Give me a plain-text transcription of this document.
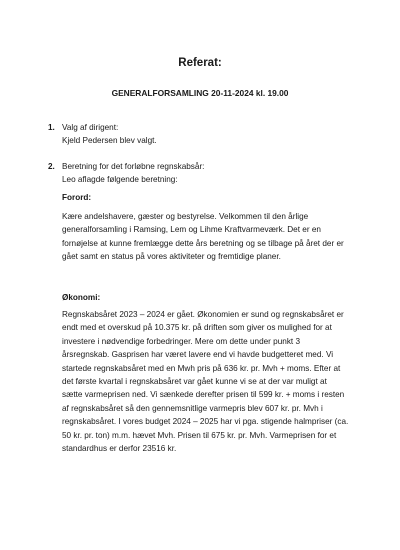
Referat:
GENERALFORSAMLING 20-11-2024 kl. 19.00
1. Valg af dirigent:
Kjeld Pedersen blev valgt.
2. Beretning for det forløbne regnskabsår:
Leo aflagde følgende beretning:
Forord:
Kære andelshavere, gæster og bestyrelse. Velkommen til den årlige
generalforsamling i Ramsing, Lem og Lihme Kraftvarmeværk. Det er en
fornøjelse at kunne fremlægge dette års beretning og se tilbage på året der er
gået samt en status på vores aktiviteter og fremtidige planer.
Økonomi:
Regnskabsåret 2023 – 2024 er gået. Økonomien er sund og regnskabsåret er
endt med et overskud på 10.375 kr. på driften som giver os mulighed for at
investere i nødvendige forbedringer. Mere om dette under punkt 3
årsregnskab. Gasprisen har været lavere end vi havde budgetteret med. Vi
startede regnskabsåret med en Mwh pris på 636 kr. pr. Mvh + moms. Efter at
det første kvartal i regnskabsåret var gået kunne vi se at der var muligt at
sætte varmeprisen ned. Vi sænkede derefter prisen til 599 kr. + moms i resten
af regnskabsåret så den gennemsnitlige varmepris blev 607 kr. pr. Mvh i
regnskabsåret. I vores budget 2024 – 2025 har vi pga. stigende halmpriser (ca.
50 kr. pr. ton) m.m. hævet Mvh. Prisen til 675 kr. pr. Mvh. Varmeprisen for et
standardhus er derfor 23516 kr.
